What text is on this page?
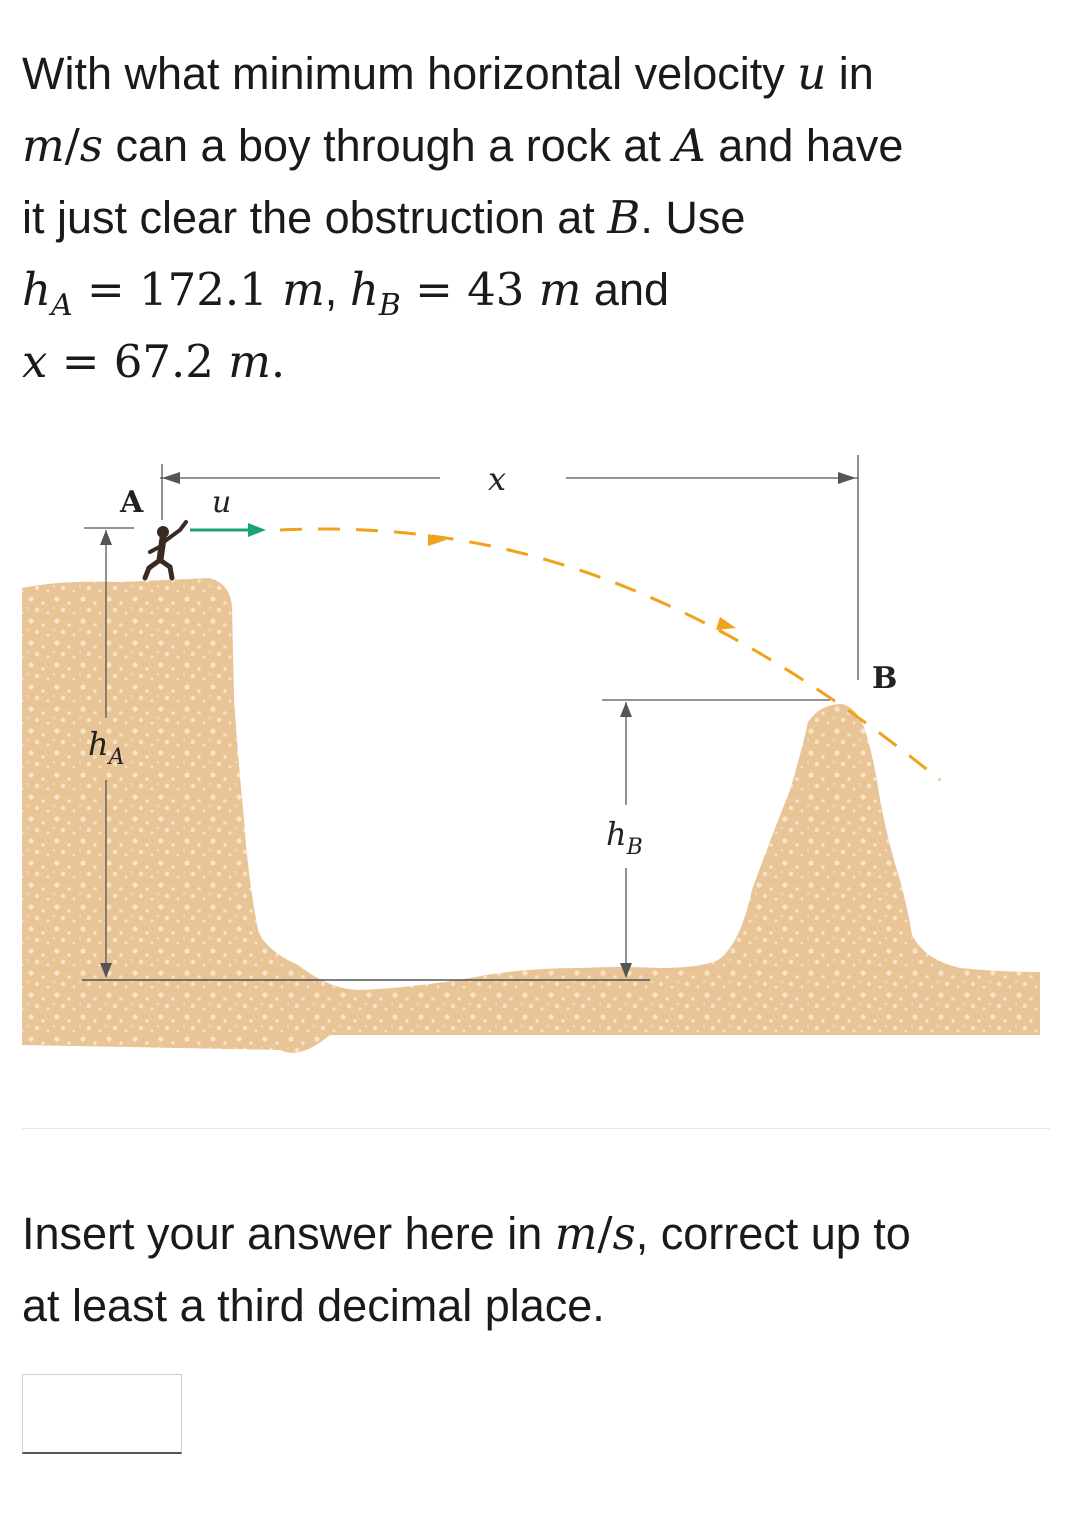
With what minimum horizontal velocity u in
m/s can a boy through a rock at A and have
it just clear the obstruction at B. Use
$h_A = 172.1$ m, $h_B = 43$ m and
x = 67.2 m.
x
$h_A$
$h_B$
A
B
u
Insert your answer here in m/s, correct up to
at least a third decimal place.
